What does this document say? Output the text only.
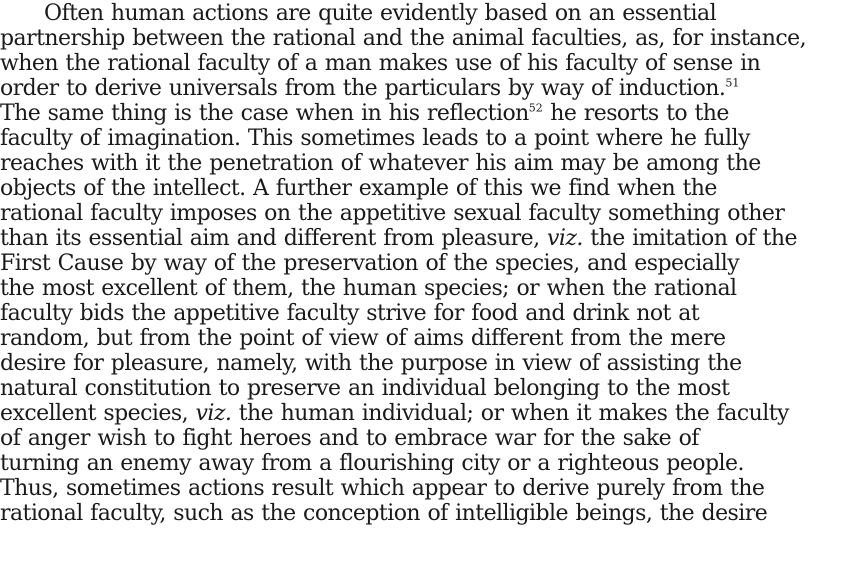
Often human actions are quite evidently based on an essential
partnership between the rational and the animal faculties, as, for instance,
when the rational faculty of a man makes use of his faculty of sense in
order to derive universals from the particulars by way of induction.$^{51}$
The same thing is the case when in his reflection$^{52}$ he resorts to the
faculty of imagination. This sometimes leads to a point where he fully
reaches with it the penetration of whatever his aim may be among the
objects of the intellect. A further example of this we find when the
rational faculty imposes on the appetitive sexual faculty something other
than its essential aim and different from pleasure, viz. the imitation of the
First Cause by way of the preservation of the species, and especially
the most excellent of them, the human species; or when the rational
faculty bids the appetitive faculty strive for food and drink not at
random, but from the point of view of aims different from the mere
desire for pleasure, namely, with the purpose in view of assisting the
natural constitution to preserve an individual belonging to the most
excellent species, viz. the human individual; or when it makes the faculty
of anger wish to fight heroes and to embrace war for the sake of
turning an enemy away from a flourishing city or a righteous people.
Thus, sometimes actions result which appear to derive purely from the
rational faculty, such as the conception of intelligible beings, the desire
